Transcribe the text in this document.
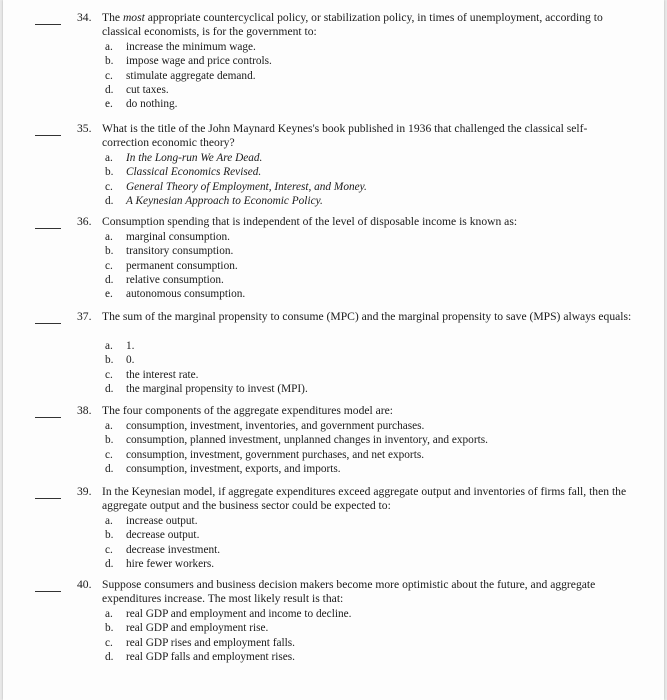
34. The most appropriate countercyclical policy, or stabilization policy, in times of unemployment, according to classical economists, is for the government to:
a. increase the minimum wage.
b. impose wage and price controls.
c. stimulate aggregate demand.
d. cut taxes.
e. do nothing.
35. What is the title of the John Maynard Keynes's book published in 1936 that challenged the classical self-correction economic theory?
a. In the Long-run We Are Dead.
b. Classical Economics Revised.
c. General Theory of Employment, Interest, and Money.
d. A Keynesian Approach to Economic Policy.
36. Consumption spending that is independent of the level of disposable income is known as:
a. marginal consumption.
b. transitory consumption.
c. permanent consumption.
d. relative consumption.
e. autonomous consumption.
37. The sum of the marginal propensity to consume (MPC) and the marginal propensity to save (MPS) always equals:
a. 1.
b. 0.
c. the interest rate.
d. the marginal propensity to invest (MPI).
38. The four components of the aggregate expenditures model are:
a. consumption, investment, inventories, and government purchases.
b. consumption, planned investment, unplanned changes in inventory, and exports.
c. consumption, investment, government purchases, and net exports.
d. consumption, investment, exports, and imports.
39. In the Keynesian model, if aggregate expenditures exceed aggregate output and inventories of firms fall, then the aggregate output and the business sector could be expected to:
a. increase output.
b. decrease output.
c. decrease investment.
d. hire fewer workers.
40. Suppose consumers and business decision makers become more optimistic about the future, and aggregate expenditures increase. The most likely result is that:
a. real GDP and employment and income to decline.
b. real GDP and employment rise.
c. real GDP rises and employment falls.
d. real GDP falls and employment rises.
